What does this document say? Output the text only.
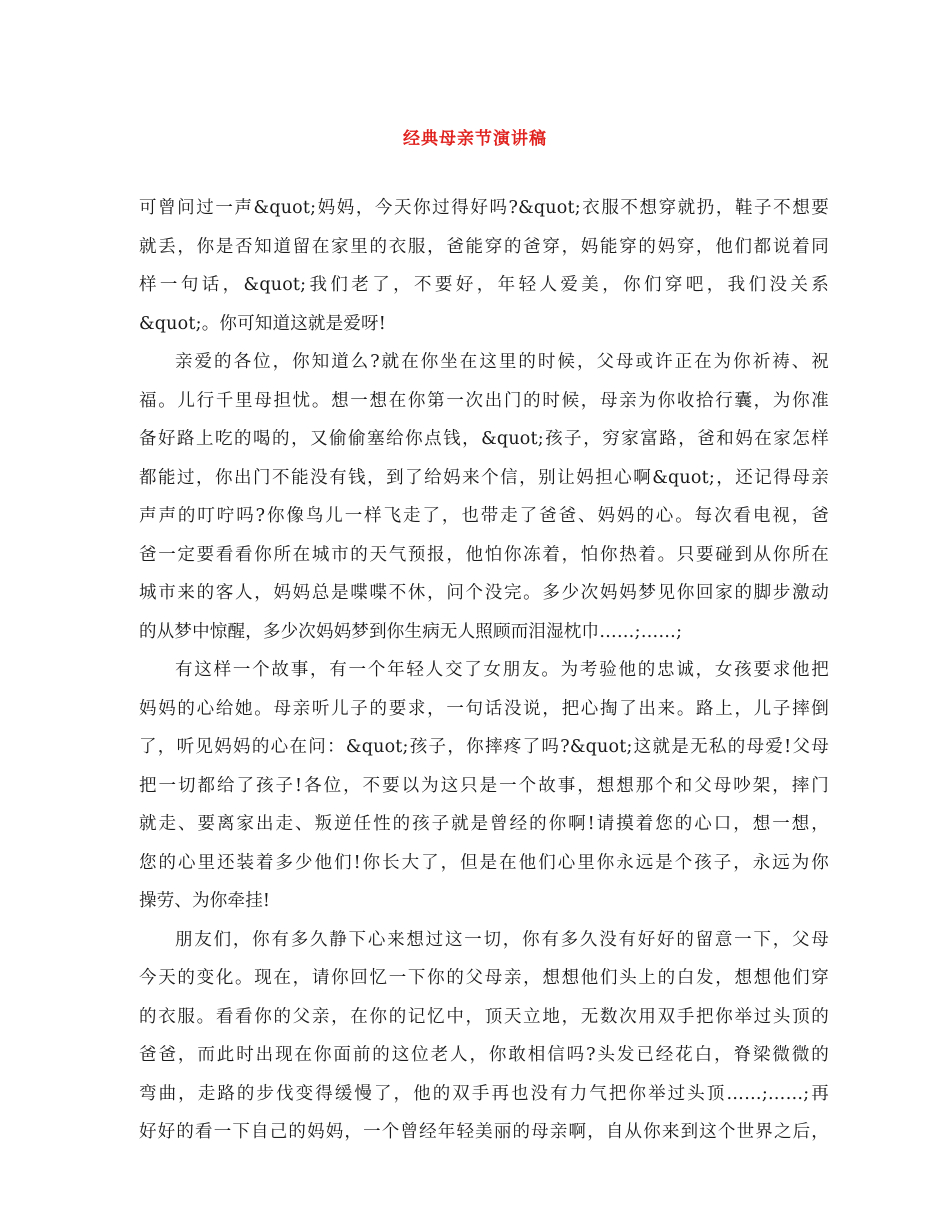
经典母亲节演讲稿
可曾问过一声&quot;妈妈，今天你过得好吗?&quot;衣服不想穿就扔，鞋子不想要
就丢，你是否知道留在家里的衣服，爸能穿的爸穿，妈能穿的妈穿，他们都说着同
样一句话，&quot;我们老了，不要好，年轻人爱美，你们穿吧，我们没关系
&quot;。你可知道这就是爱呀!
亲爱的各位，你知道么?就在你坐在这里的时候，父母或许正在为你祈祷、祝
福。儿行千里母担忧。想一想在你第一次出门的时候，母亲为你收拾行囊，为你准
备好路上吃的喝的，又偷偷塞给你点钱，&quot;孩子，穷家富路，爸和妈在家怎样
都能过，你出门不能没有钱，到了给妈来个信，别让妈担心啊&quot;，还记得母亲
声声的叮咛吗?你像鸟儿一样飞走了，也带走了爸爸、妈妈的心。每次看电视，爸
爸一定要看看你所在城市的天气预报，他怕你冻着，怕你热着。只要碰到从你所在
城市来的客人，妈妈总是喋喋不休，问个没完。多少次妈妈梦见你回家的脚步激动
的从梦中惊醒，多少次妈妈梦到你生病无人照顾而泪湿枕巾……;……;
有这样一个故事，有一个年轻人交了女朋友。为考验他的忠诚，女孩要求他把
妈妈的心给她。母亲听儿子的要求，一句话没说，把心掏了出来。路上，儿子摔倒
了，听见妈妈的心在问：&quot;孩子，你摔疼了吗?&quot;这就是无私的母爱!父母
把一切都给了孩子!各位，不要以为这只是一个故事，想想那个和父母吵架，摔门
就走、要离家出走、叛逆任性的孩子就是曾经的你啊!请摸着您的心口，想一想，
您的心里还装着多少他们!你长大了，但是在他们心里你永远是个孩子，永远为你
操劳、为你牵挂!
朋友们，你有多久静下心来想过这一切，你有多久没有好好的留意一下，父母
今天的变化。现在，请你回忆一下你的父母亲，想想他们头上的白发，想想他们穿
的衣服。看看你的父亲，在你的记忆中，顶天立地，无数次用双手把你举过头顶的
爸爸，而此时出现在你面前的这位老人，你敢相信吗?头发已经花白，脊梁微微的
弯曲，走路的步伐变得缓慢了，他的双手再也没有力气把你举过头顶……;……;再
好好的看一下自己的妈妈，一个曾经年轻美丽的母亲啊，自从你来到这个世界之后，
